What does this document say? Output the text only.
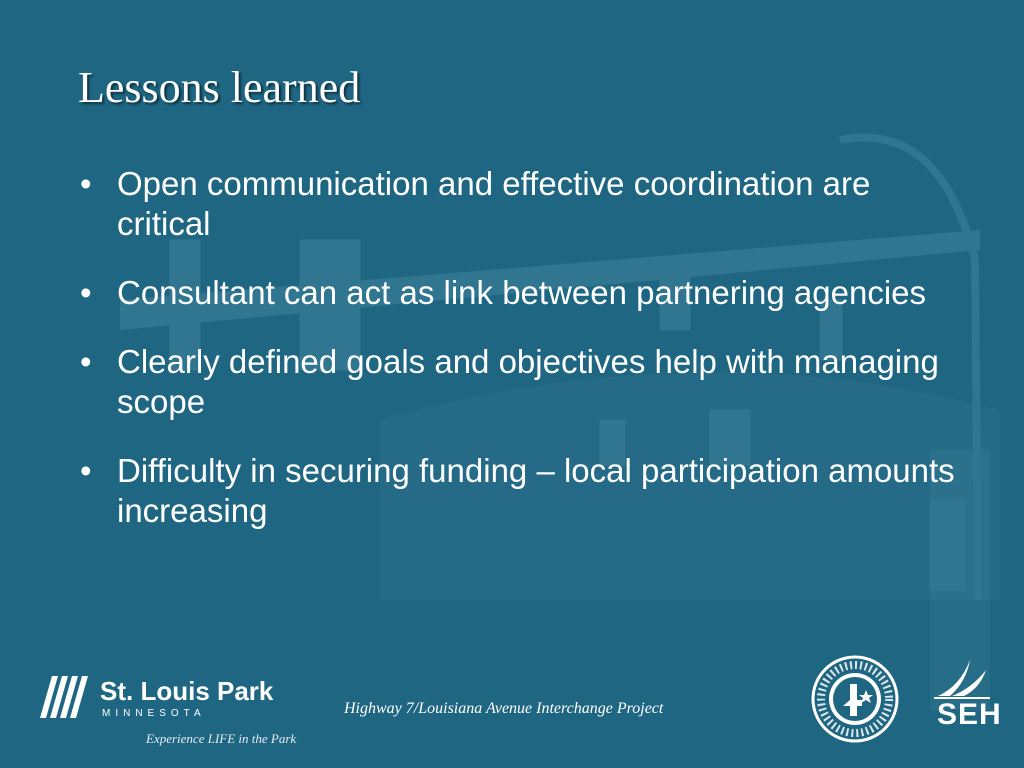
Lessons learned
• Open communication and effective coordination are critical
• Consultant can act as link between partnering agencies
• Clearly defined goals and objectives help with managing scope
• Difficulty in securing funding – local participation amounts increasing
St. Louis Park
MINNESOTA
Experience LIFE in the Park
Highway 7/Louisiana Avenue Interchange Project	SEH
